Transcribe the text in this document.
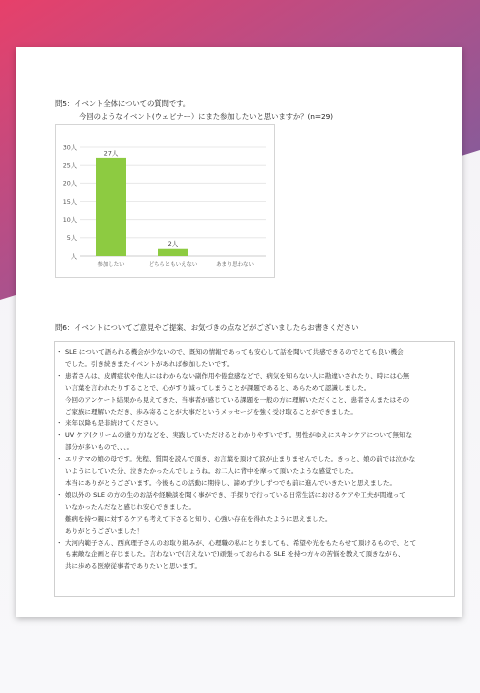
問5：イベント全体についての質問です。
今回のようなイベント(ウェビナー）にまた参加したいと思いますか？(n=29)
30人
25人
20人
15人
10人
5人
人
27人
参加したい
2人
どちらともいえない	あまり思わない
問6：イベントについてご意見やご提案、お気づきの点などがございましたらお書きください
・ SLE について語られる機会が少ないので、既知の情報であっても安心して話を聞いて共感できるのでとても良い機会
でした。引き続きまたイベントがあれば参加したいです。
・ 患者さんは、皮膚症状や他人にはわからない副作用や倦怠感などで、病気を知らない人に勘違いされたり、時には心無
い言葉を言われたりすることで、心がすり減ってしまうことが課題であると、あらためて認識しました。
今回のアンケート結果から見えてきた、当事者が感じている課題を一般の方に理解いただくこと、患者さんまたはその
ご家族に理解いただき、歩み寄ることが大事だというメッセージを強く受け取ることができました。
・ 来年以降も是非続けてください。
・ UV ケア(クリームの塗り方)などを、実践していただけるとわかりやすいです。男性がゆえにスキンケアについて無知な
部分が多いもので、、、。
・ エリテマの娘の母です。先程、質問を読んで頂き、お言葉を頂けて涙が止まりませんでした。きっと、娘の前では泣かな
いようにしていた分、泣きたかったんでしょうね。お二人に背中を摩って頂いたような感覚でした。
本当にありがとうございます。今後もこの活動に期待し、諦めず少しずつでも前に進んでいきたいと思えました。
・ 娘以外の SLE の方の生のお話や経験談を聞く事ができ、手探りで行っている日常生活におけるケアや工夫が間違って
いなかったんだなと感じれ安心できました。
難病を持つ親に対するケアも考えて下さると知り、心強い存在を得れたように思えました。
ありがとうございました！
・ 大河内範子さん、西真理子さんのお取り組みが、心理職の私にとりましても、希望や光をもたらせて頂けるもので、とて
も素敵な企画と存じました。言わないで(言えないで)頑張っておられる SLE を持つ方々の苦悩を教えて頂きながら、
共に歩める医療従事者でありたいと思います。
